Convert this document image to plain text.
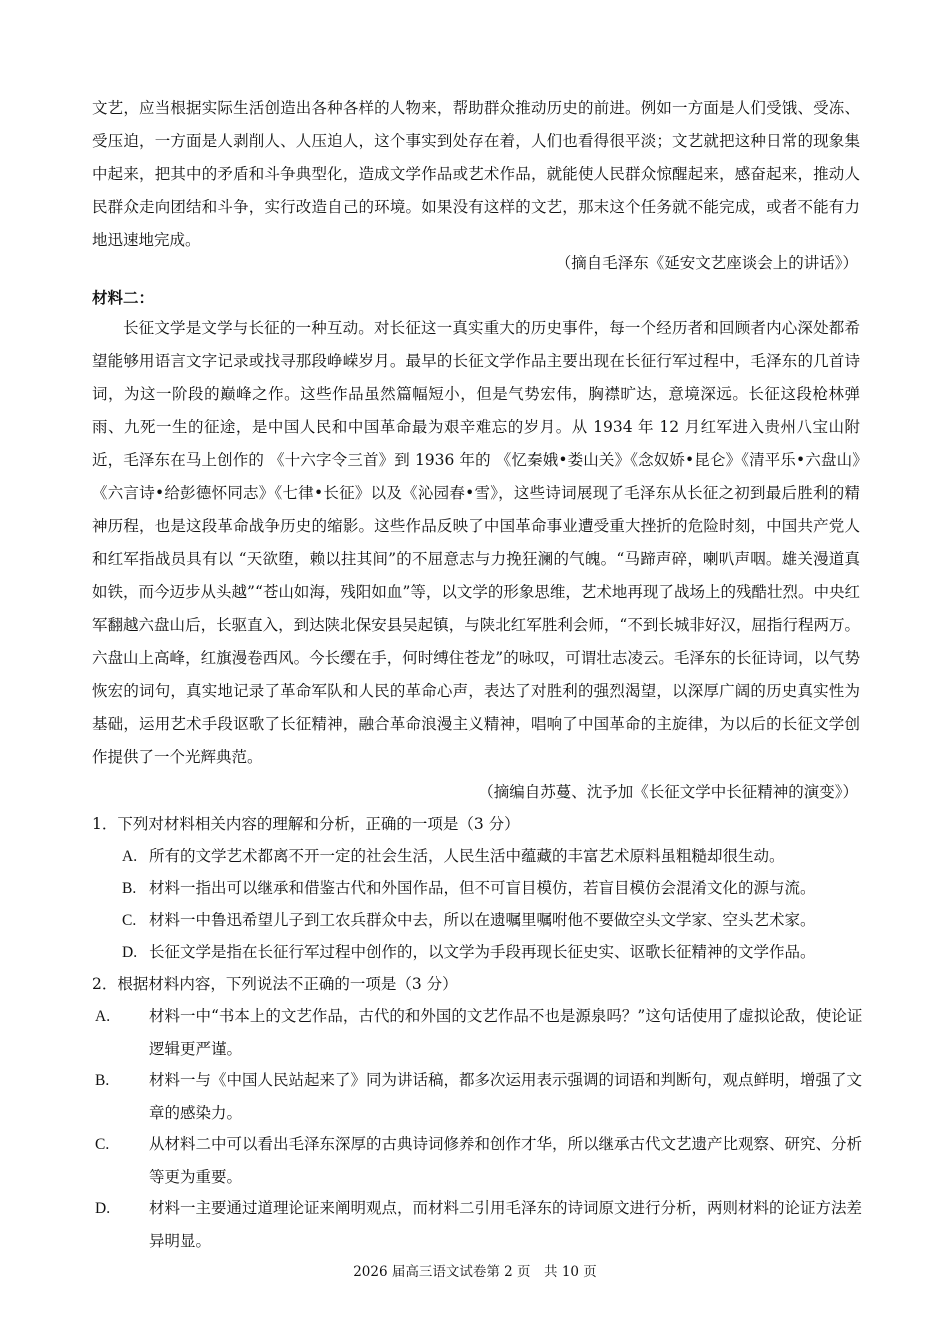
文艺，应当根据实际生活创造出各种各样的人物来，帮助群众推动历史的前进。例如一方面是人们受饿、受冻、受压迫，一方面是人剥削人、人压迫人，这个事实到处存在着，人们也看得很平淡；文艺就把这种日常的现象集中起来，把其中的矛盾和斗争典型化，造成文学作品或艺术作品，就能使人民群众惊醒起来，感奋起来，推动人民群众走向团结和斗争，实行改造自己的环境。如果没有这样的文艺，那末这个任务就不能完成，或者不能有力地迅速地完成。

（摘自毛泽东《延安文艺座谈会上的讲话》）

材料二：

长征文学是文学与长征的一种互动。对长征这一真实重大的历史事件，每一个经历者和回顾者内心深处都希望能够用语言文字记录或找寻那段峥嵘岁月。最早的长征文学作品主要出现在长征行军过程中，毛泽东的几首诗词，为这一阶段的巅峰之作。这些作品虽然篇幅短小，但是气势宏伟，胸襟旷达，意境深远。长征这段枪林弹雨、九死一生的征途，是中国人民和中国革命最为艰辛难忘的岁月。从 1934 年 12 月红军进入贵州八宝山附近，毛泽东在马上创作的 《十六字令三首》到 1936 年的 《忆秦娥•娄山关》《念奴娇•昆仑》《清平乐•六盘山》《六言诗•给彭德怀同志》《七律•长征》以及《沁园春•雪》，这些诗词展现了毛泽东从长征之初到最后胜利的精神历程，也是这段革命战争历史的缩影。这些作品反映了中国革命事业遭受重大挫折的危险时刻，中国共产党人和红军指战员具有以 “天欲堕，赖以拄其间”的不屈意志与力挽狂澜的气魄。“马蹄声碎，喇叭声咽。雄关漫道真如铁，而今迈步从头越”“苍山如海，残阳如血”等，以文学的形象思维，艺术地再现了战场上的残酷壮烈。中央红军翻越六盘山后，长驱直入，到达陕北保安县吴起镇，与陕北红军胜利会师，“不到长城非好汉，屈指行程两万。六盘山上高峰，红旗漫卷西风。今长缨在手，何时缚住苍龙”的咏叹，可谓壮志凌云。毛泽东的长征诗词，以气势恢宏的词句，真实地记录了革命军队和人民的革命心声，表达了对胜利的强烈渴望，以深厚广阔的历史真实性为基础，运用艺术手段讴歌了长征精神，融合革命浪漫主义精神，唱响了中国革命的主旋律，为以后的长征文学创作提供了一个光辉典范。

（摘编自苏蔓、沈予加《长征文学中长征精神的演变》）

1．下列对材料相关内容的理解和分析，正确的一项是（3 分）

A. 所有的文学艺术都离不开一定的社会生活，人民生活中蕴藏的丰富艺术原料虽粗糙却很生动。

B. 材料一指出可以继承和借鉴古代和外国作品，但不可盲目模仿，若盲目模仿会混淆文化的源与流。

C. 材料一中鲁迅希望儿子到工农兵群众中去，所以在遗嘱里嘱咐他不要做空头文学家、空头艺术家。

D. 长征文学是指在长征行军过程中创作的，以文学为手段再现长征史实、讴歌长征精神的文学作品。

2．根据材料内容，下列说法不正确的一项是（3 分）

A.	材料一中“书本上的文艺作品，古代的和外国的文艺作品不也是源泉吗？”这句话使用了虚拟论敌，使论证逻辑更严谨。

B.	材料一与《中国人民站起来了》同为讲话稿，都多次运用表示强调的词语和判断句，观点鲜明，增强了文章的感染力。

C.	从材料二中可以看出毛泽东深厚的古典诗词修养和创作才华，所以继承古代文艺遗产比观察、研究、分析等更为重要。

D.	材料一主要通过道理论证来阐明观点，而材料二引用毛泽东的诗词原文进行分析，两则材料的论证方法差异明显。

2026 届高三语文试卷第 2 页　共 10 页
